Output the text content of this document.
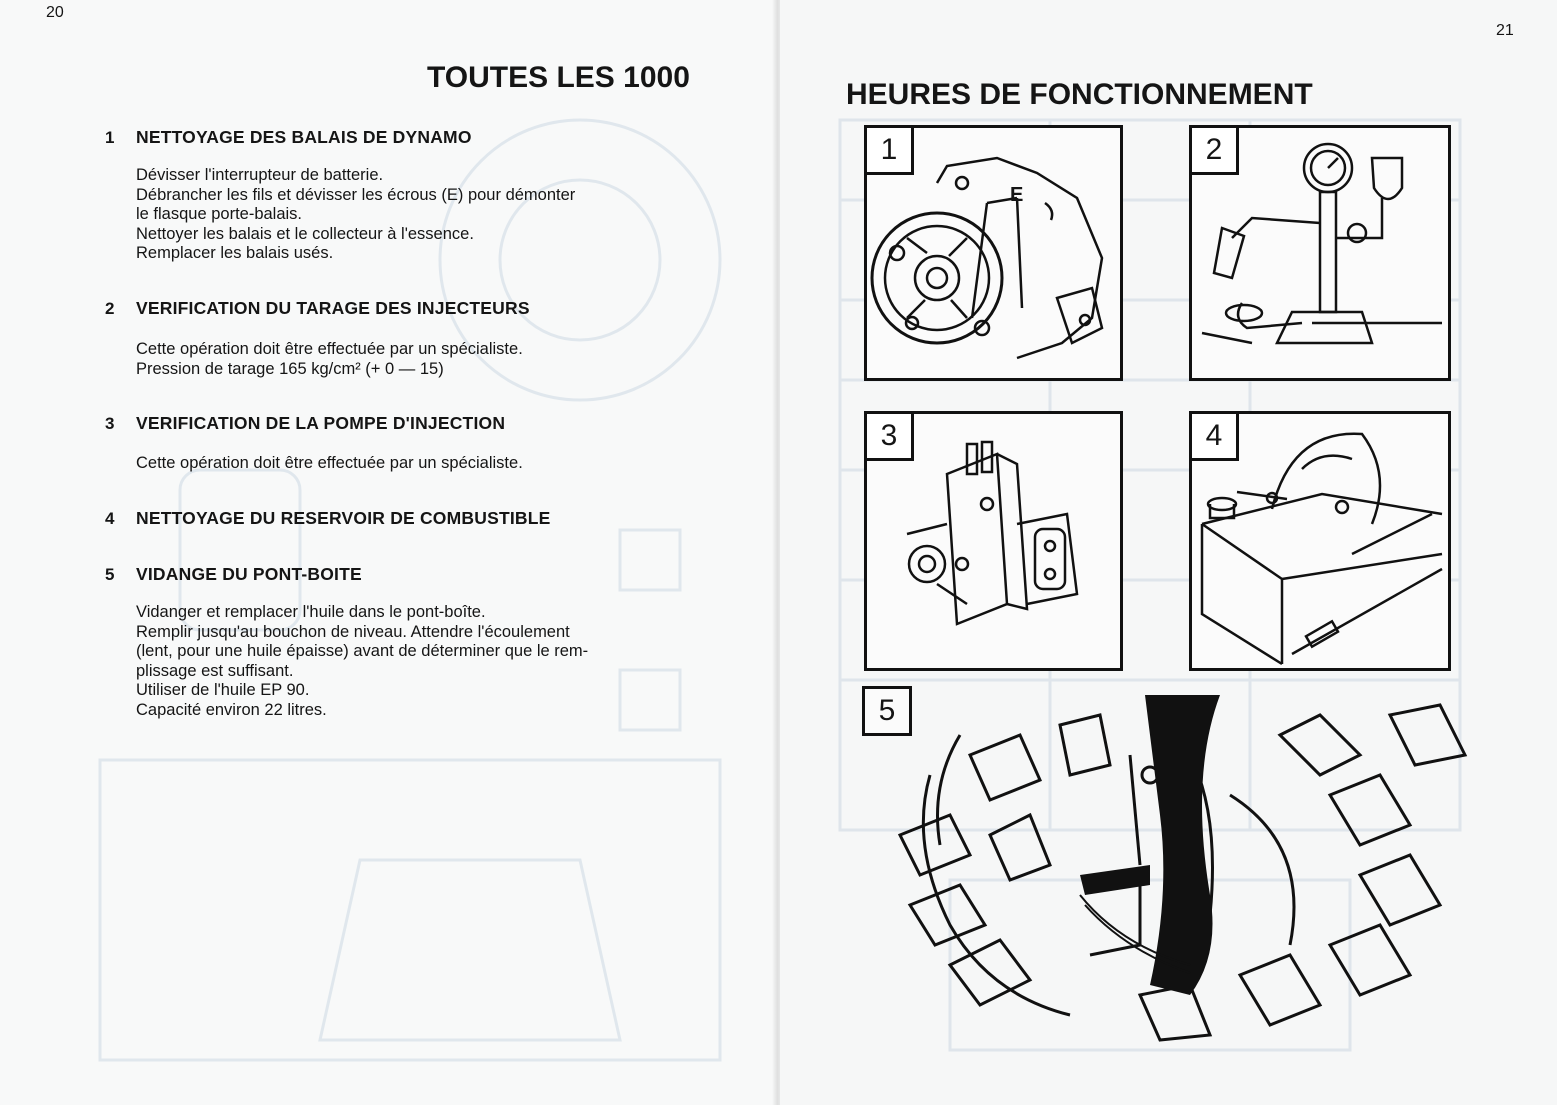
20
TOUTES LES 1000
1 NETTOYAGE DES BALAIS DE DYNAMO
Dévisser l'interrupteur de batterie.
Débrancher les fils et dévisser les écrous (E) pour démonter
le flasque porte-balais.
Nettoyer les balais et le collecteur à l'essence.
Remplacer les balais usés.
2 VERIFICATION DU TARAGE DES INJECTEURS
Cette opération doit être effectuée par un spécialiste.
Pression de tarage 165 kg/cm² (+ 0 — 15)
3 VERIFICATION DE LA POMPE D'INJECTION
Cette opération doit être effectuée par un spécialiste.
4 NETTOYAGE DU RESERVOIR DE COMBUSTIBLE
5 VIDANGE DU PONT-BOITE
Vidanger et remplacer l'huile dans le pont-boîte.
Remplir jusqu'au bouchon de niveau. Attendre l'écoulement
(lent, pour une huile épaisse) avant de déterminer que le rem-
plissage est suffisant.
Utiliser de l'huile EP 90.
Capacité environ 22 litres.
21
HEURES DE FONCTIONNEMENT
1
E
2
3	4
5
